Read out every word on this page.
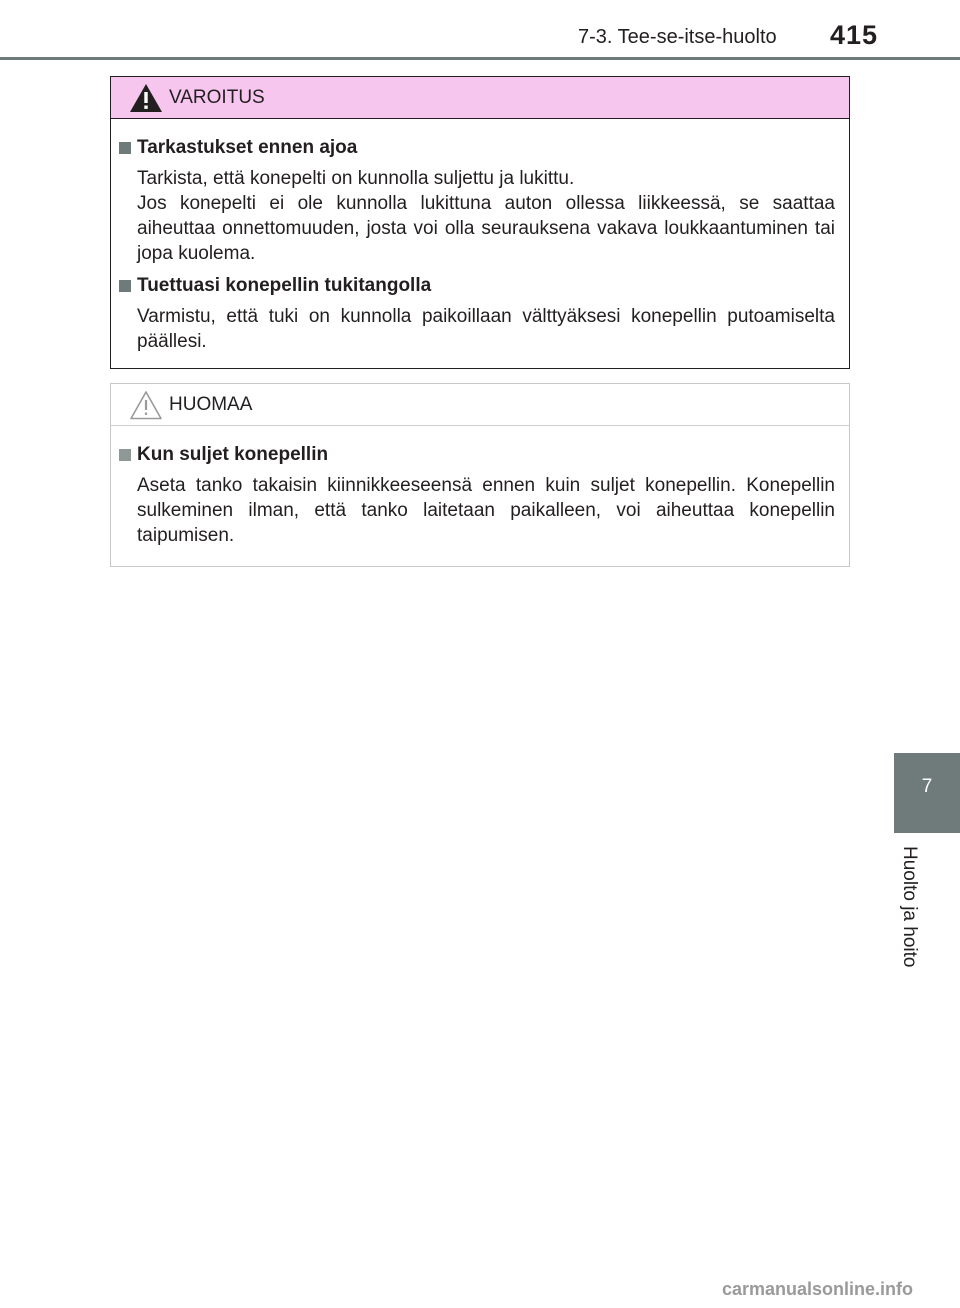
7-3. Tee-se-itse-huolto 415
VAROITUS
Tarkastukset ennen ajoa

Tarkista, että konepelti on kunnolla suljettu ja lukittu.

Jos konepelti ei ole kunnolla lukittuna auton ollessa liikkeessä, se saattaa aiheuttaa onnettomuuden, josta voi olla seurauksena vakava loukkaantuminen tai jopa kuolema.

Tuettuasi konepellin tukitangolla

Varmistu, että tuki on kunnolla paikoillaan välttyäksesi konepellin putoamiselta päällesi.

HUOMAA
Kun suljet konepellin

Aseta tanko takaisin kiinnikkeeseensä ennen kuin suljet konepellin. Konepellin sulkeminen ilman, että tanko laitetaan paikalleen, voi aiheuttaa konepellin taipumisen.

7
Huolto ja hoito
carmanualsonline.info
